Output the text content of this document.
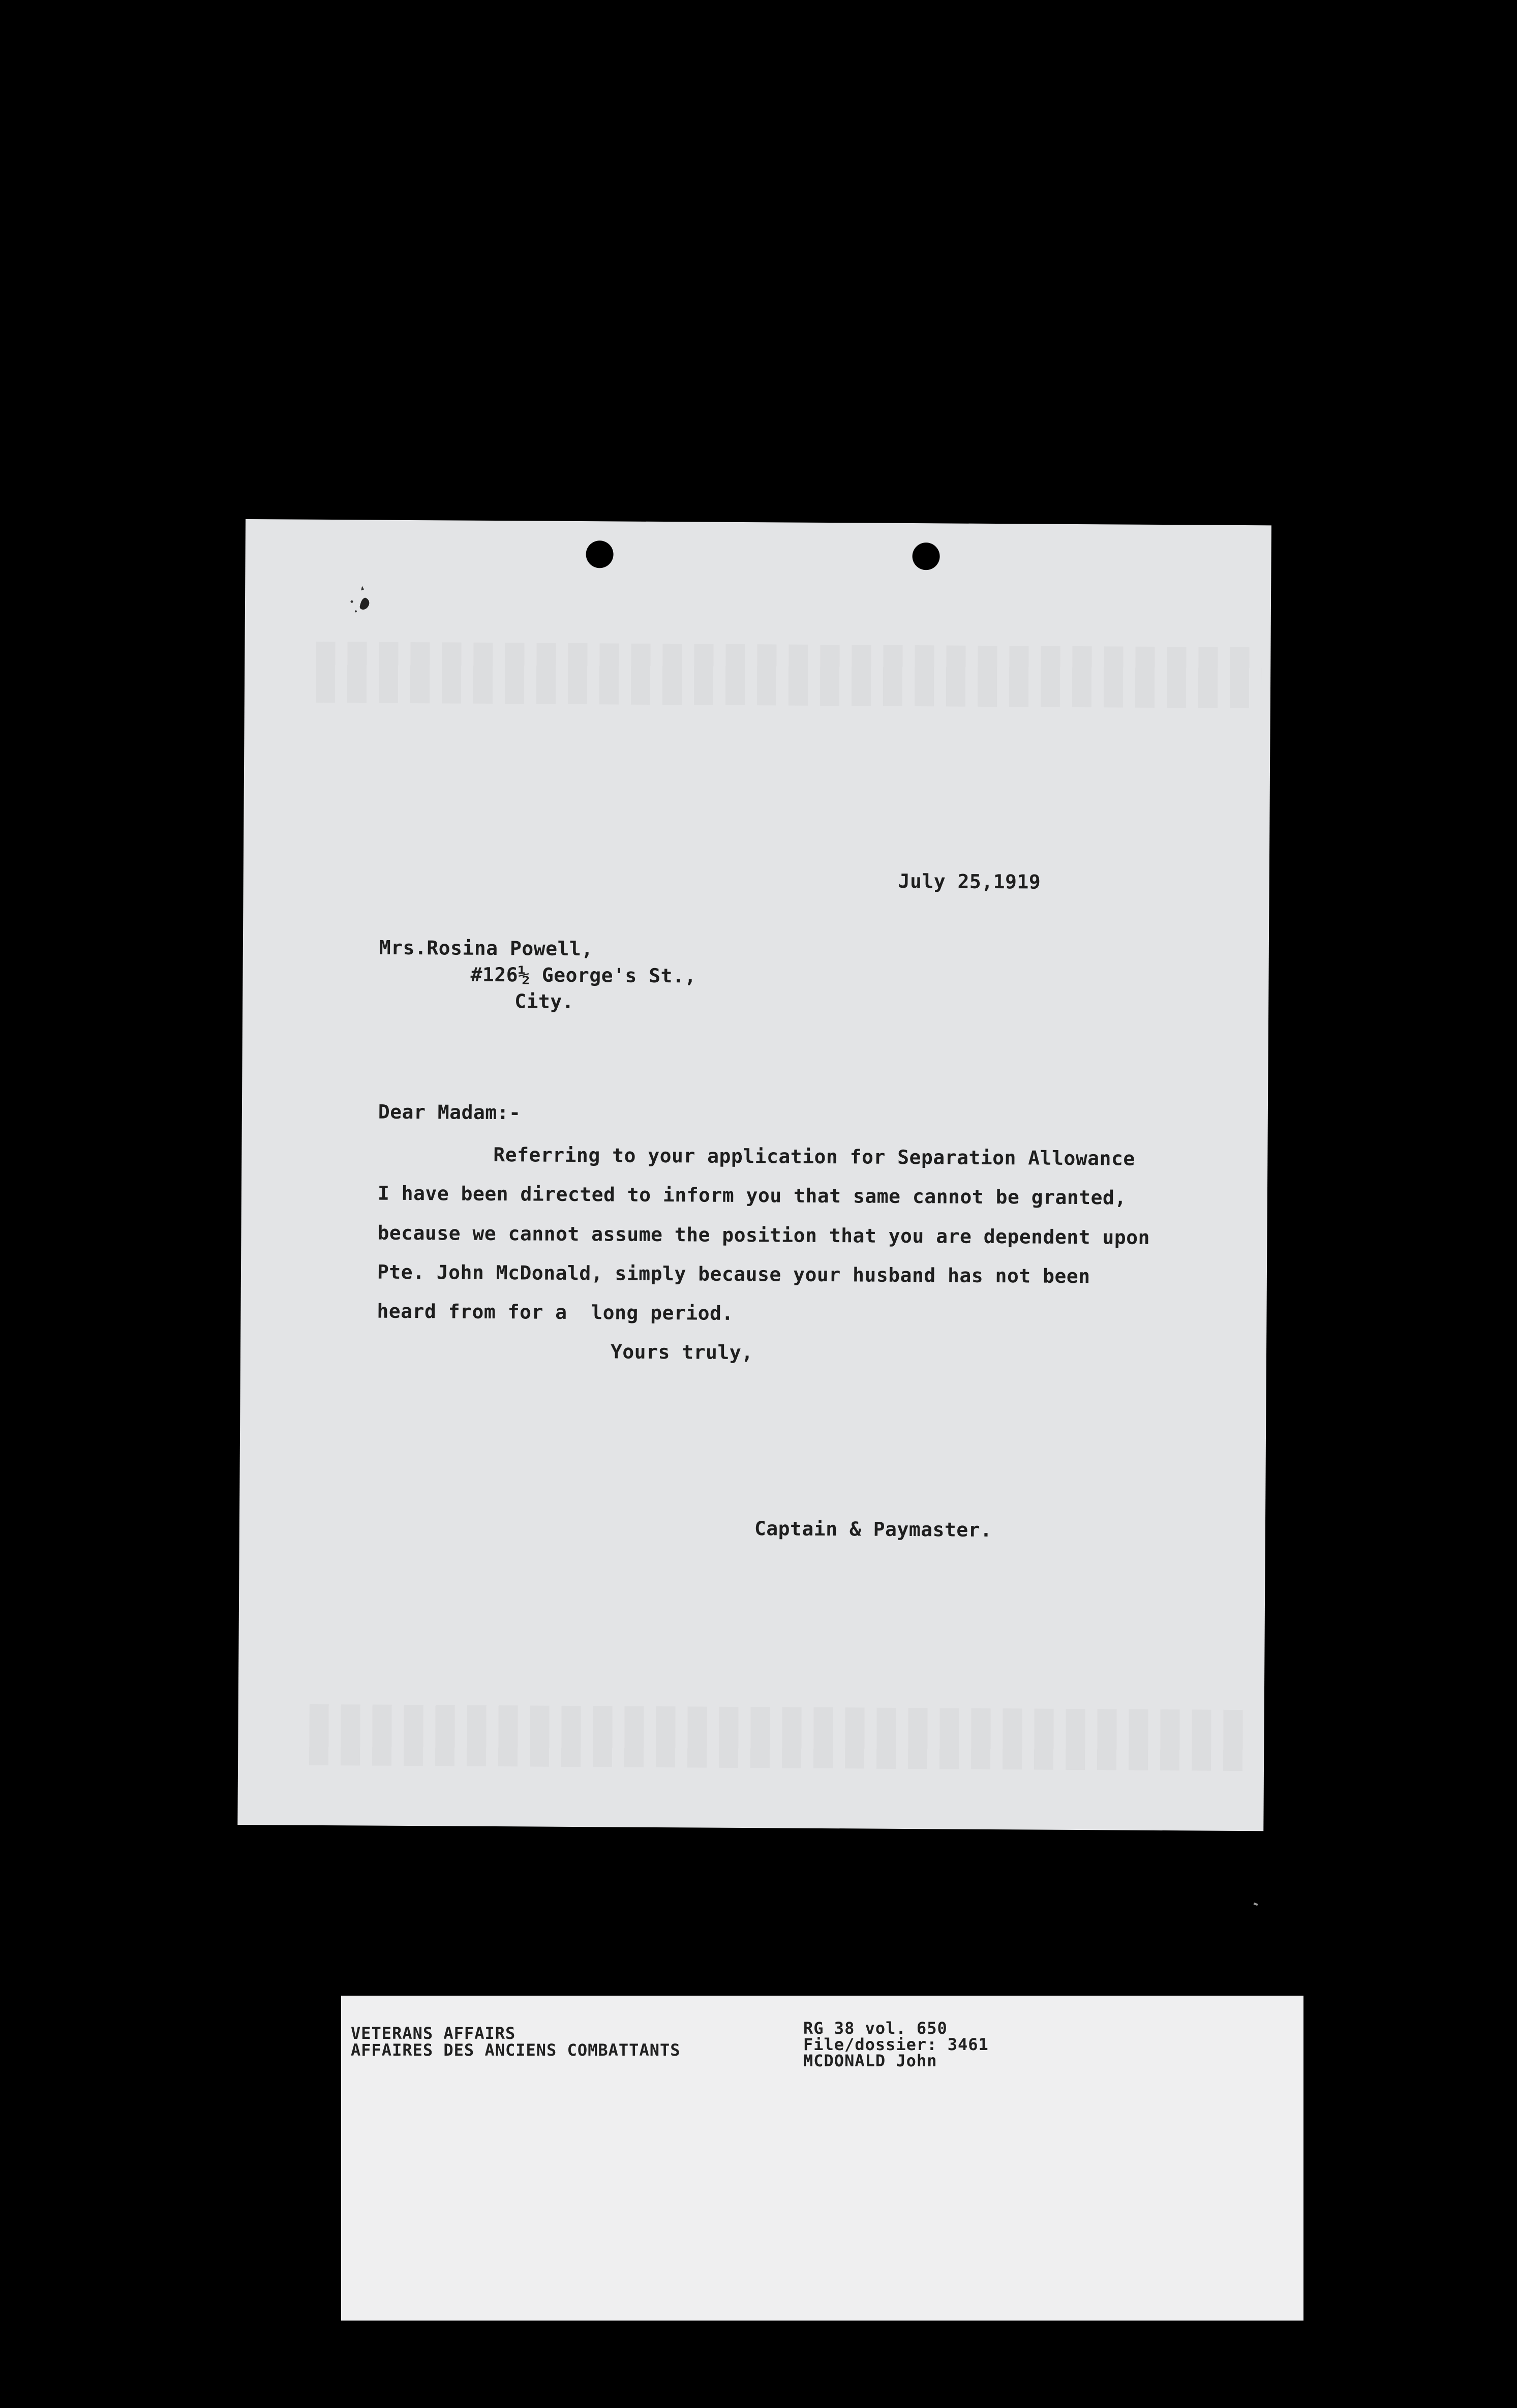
July 25,1919
Mrs.Rosina Powell,
#126½ George's St.,
City.
Dear Madam:-
Referring to your application for Separation Allowance
I have been directed to inform you that same cannot be granted,
because we cannot assume the position that you are dependent upon
Pte. John McDonald, simply because your husband has not been
heard from for a  long period.
Yours truly,
Captain & Paymaster.
VETERANS AFFAIRS
AFFAIRES DES ANCIENS COMBATTANTS
RG 38 vol. 650
File/dossier: 3461
MCDONALD John
